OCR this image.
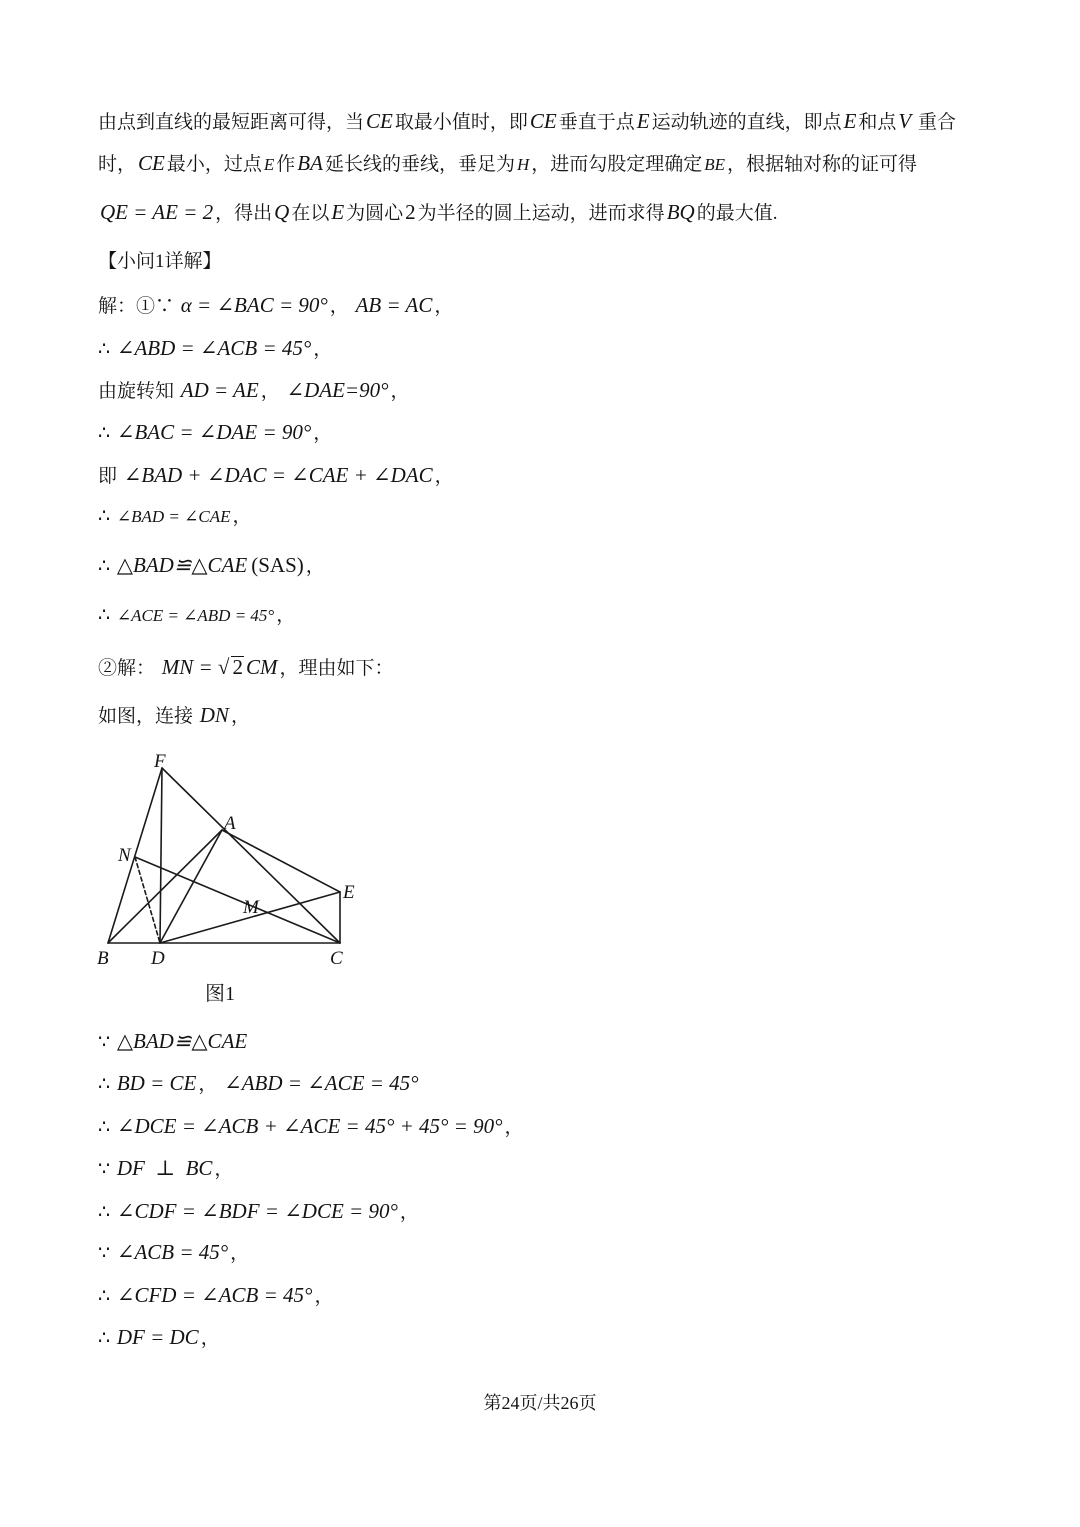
由点到直线的最短距离可得，当CE 取最小值时，即CE 垂直于点E 运动轨迹的直线，即点E 和点V 重合
时，CE 最小，过点 E 作BA 延长线的垂线，垂足为 H ，进而勾股定理确定 BE ，根据轴对称的证可得
QE = AE = 2 ，得出Q 在以E 为圆心2 为半径的圆上运动，进而求得BQ 的最大值.
【小问1详解】
解：①∵ α = ∠BAC = 90° ， AB = AC ，
∴ ∠ABD = ∠ACB = 45° ，
由旋转知 AD = AE ， ∠DAE=90° ，
∴ ∠BAC = ∠DAE = 90° ，
即 ∠BAD + ∠DAC = ∠CAE + ∠DAC ，
∴ ∠BAD = ∠CAE ，
∴ △BAD≌△CAE (SAS) ，
∴ ∠ACE = ∠ABD = 45° ，
②解： MN = √ 2 CM ，理由如下：
如图，连接 DN ，
F
A
N
E
M
B D	C
图1
∵ △BAD≌△CAE
∴ BD = CE ， ∠ABD = ∠ACE = 45°
∴ ∠DCE = ∠ACB + ∠ACE = 45° + 45° = 90° ，
∵ DF  ⊥  BC ，
∴ ∠CDF = ∠BDF = ∠DCE = 90° ，
∵ ∠ACB = 45° ，
∴ ∠CFD = ∠ACB = 45° ，
∴ DF = DC ，
第24页/共26页
